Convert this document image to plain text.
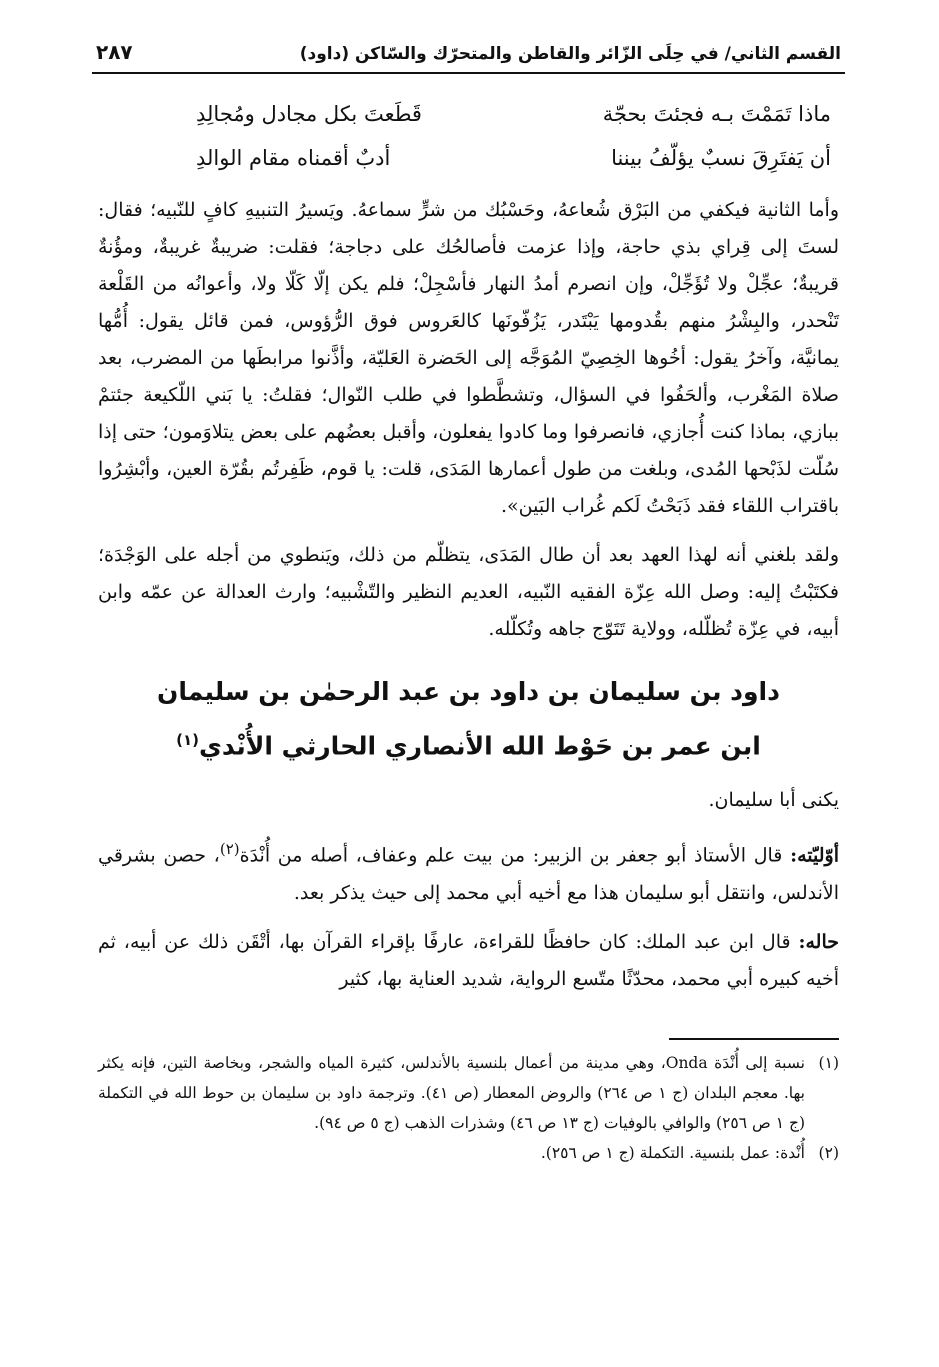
القسم الثاني/ في حِلَى الزّائر والقاطن والمتحرّك والسّاكن (داود)
٢٨٧
ماذا تَمَمْتَ بـه فجئتَ بحجّة
قَطَعتَ بكل مجادل ومُجالِدِ
أن يَفتَرِقَ نسبٌ يؤلّفُ بيننا
أدبٌ أقمناه مقام الوالدِ

وأما الثانية فيكفي من البَرْق شُعاعهُ، وحَسْبُك من شرٍّ سماعهُ. ويَسيرُ التنبيهِ كافٍ للنّبيه؛ فقال: لستَ إلى قِراي بذي حاجة، وإذا عزمت فأصالحُك على دجاجة؛ فقلت: ضريبةٌ غريبةٌ، ومؤُنةٌ قريبةٌ؛ عجِّلْ ولا تُؤَجِّلْ، وإن انصرم أمدُ النهار فأسْجِلْ؛ فلم يكن إلّا كَلّا ولا، وأعوانُه من القَلْعة تَنْحدر، والبِشْرُ منهم بقُدومها يَبْتَدر، يَزُفّونَها كالعَروس فوق الرُّؤوس، فمن قائل يقول: أُمُّها يمانيَّة، وآخرُ يقول: أخُوها الخِصِيّ المُوَجَّه إلى الحَضرة العَليّة، وأذَّنوا مرابطَها من المضرب، بعد صلاة المَغْرب، وألحَفُوا في السؤال، وتشطَّطوا في طلب النّوال؛ فقلتُ: يا بَني اللّكيعة جئتمْ ببازي، بماذا كنت أُجازي، فانصرفوا وما كادوا يفعلون، وأقبل بعضُهم على بعض يتلاوَمون؛ حتى إذا سُلّت لذَبْحها المُدى، وبلغت من طول أعمارها المَدَى، قلت: يا قوم، ظَفِرتُم بقُرّة العين، وأبْشِرُوا باقتراب اللقاء فقد ذَبَحْتُ لَكم غُراب البَين».

ولقد بلغني أنه لهذا العهد بعد أن طال المَدَى، يتظلّم من ذلك، ويَنطوي من أجله على الوَجْدَة؛ فكتَبْتُ إليه: وصل الله عِزّة الفقيه النّبيه، العديم النظير والتّشْبيه؛ وارث العدالة عن عمّه وابن أبيه، في عِزّة تُظلّله، وولاية تَتَوّج جاهه وتُكلّله.

داود بن سليمان بن داود بن عبد الرحمٰن بن سليمان
ابن عمر بن حَوْط الله الأنصاري الحارثي الأُنْدي$^{(١)}$

يكنى أبا سليمان.

أوّليّته: قال الأستاذ أبو جعفر بن الزبير: من بيت علم وعفاف، أصله من أُنْدَة$^{(٢)}$، حصن بشرقي الأندلس، وانتقل أبو سليمان هذا مع أخيه أبي محمد إلى حيث يذكر بعد.

حاله: قال ابن عبد الملك: كان حافظًا للقراءة، عارفًا بإقراء القرآن بها، أتْقَن ذلك عن أبيه، ثم أخيه كبيره أبي محمد، محدّثًا متّسع الرواية، شديد العناية بها، كثير

(١)
نسبة إلى أُنْدَة Onda، وهي مدينة من أعمال بلنسية بالأندلس، كثيرة المياه والشجر، وبخاصة التين، فإنه يكثر بها. معجم البلدان (ج ١ ص ٢٦٤) والروض المعطار (ص ٤١). وترجمة داود بن سليمان بن حوط الله في التكملة (ج ١ ص ٢٥٦) والوافي بالوفيات (ج ١٣ ص ٤٦) وشذرات الذهب (ج ٥ ص ٩٤).
(٢)
أُنْدة: عمل بلنسية. التكملة (ج ١ ص ٢٥٦).
